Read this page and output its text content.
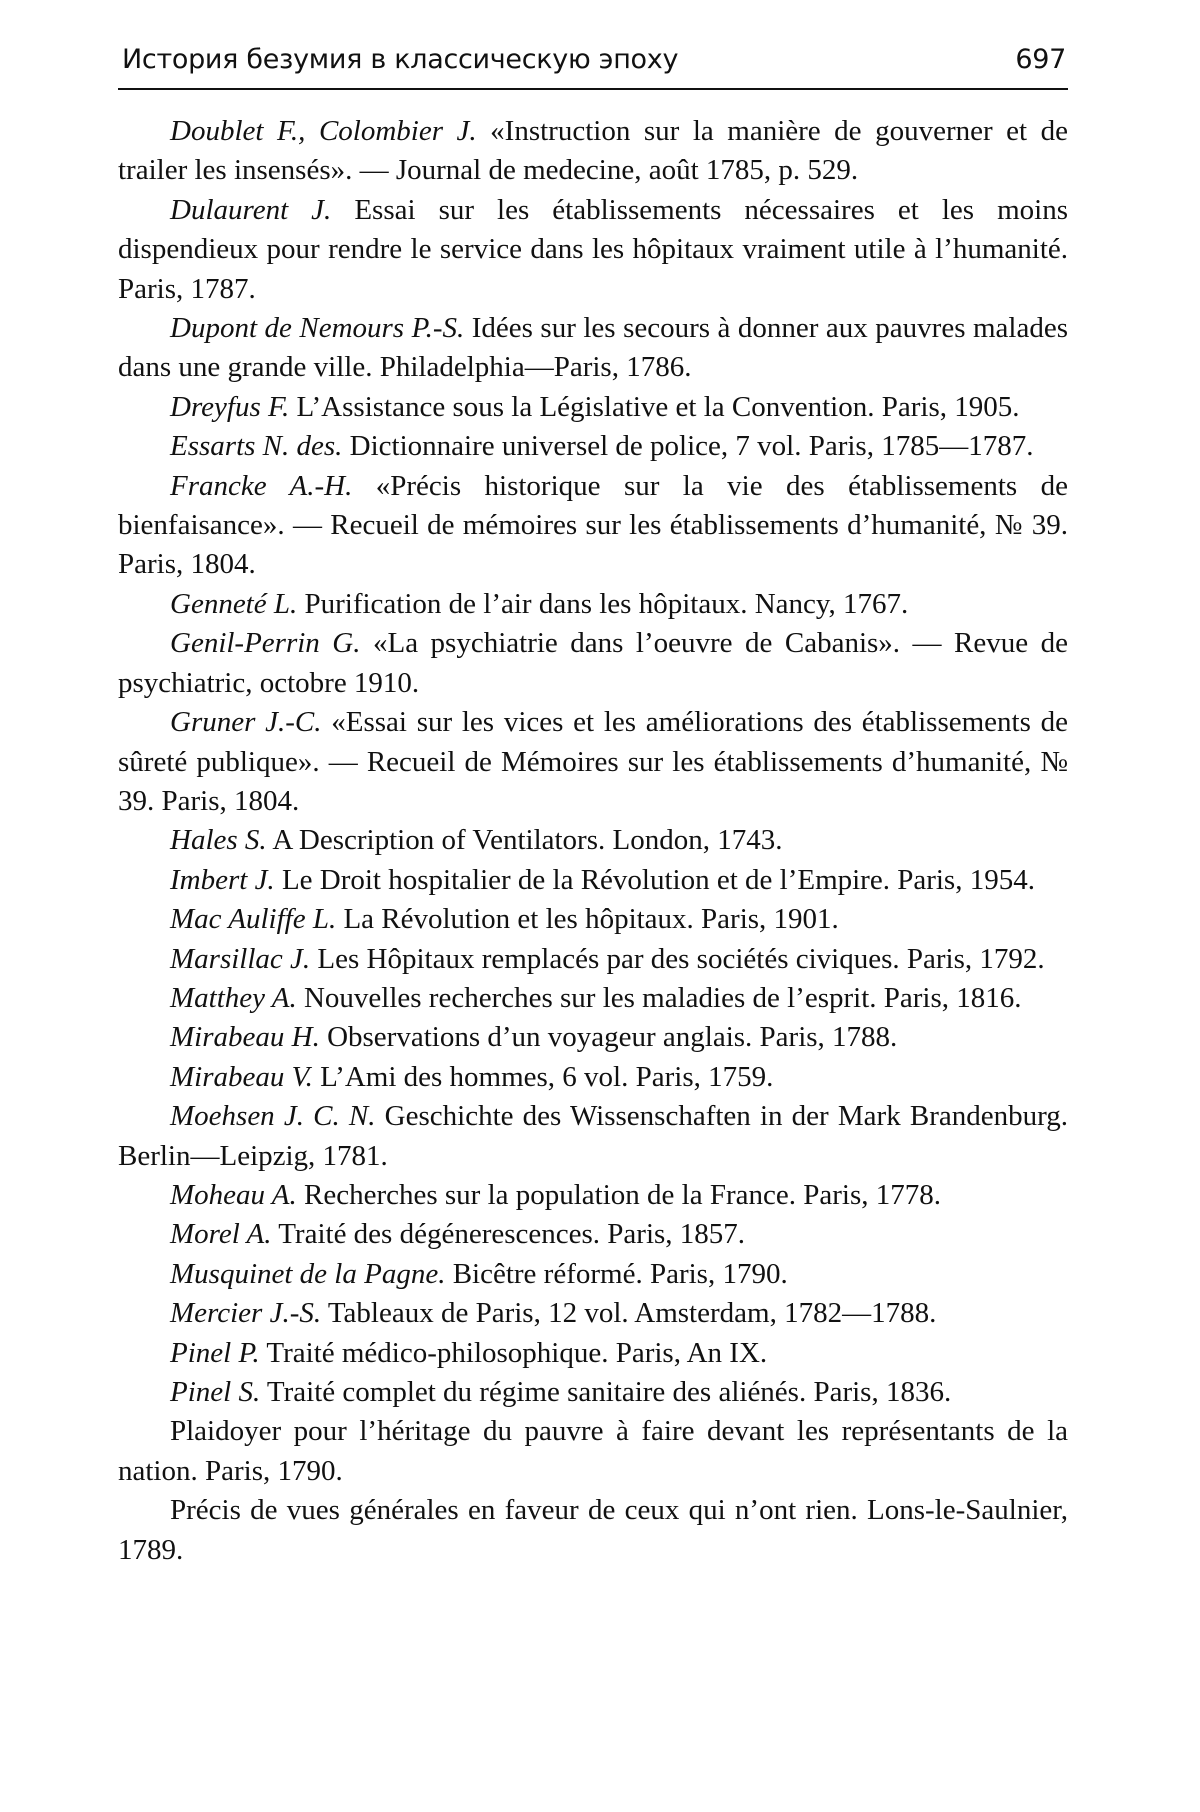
История безумия в классическую эпоху	697

Doublet F., Colombier J. «Instruction sur la manière de gouverner et de trailer les insensés». — Journal de medecine, août 1785, p. 529.

Dulaurent J. Essai sur les établissements nécessaires et les moins dispendieux pour rendre le service dans les hôpitaux vraiment utile à l’humanité. Paris, 1787.

Dupont de Nemours P.-S. Idées sur les secours à donner aux pauvres malades dans une grande ville. Philadelphia—Paris, 1786.

Dreyfus F. L’Assistance sous la Législative et la Convention. Paris, 1905.

Essarts N. des. Dictionnaire universel de police, 7 vol. Paris, 1785—1787.

Francke A.-H. «Précis historique sur la vie des établissements de bienfaisance». — Recueil de mémoires sur les établissements d’humanité, № 39. Paris, 1804.

Genneté L. Purification de l’air dans les hôpitaux. Nancy, 1767.

Genil-Perrin G. «La psychiatrie dans l’oeuvre de Cabanis». — Revue de psychiatric, octobre 1910.

Gruner J.-C. «Essai sur les vices et les améliorations des établissements de sûreté publique». — Recueil de Mémoires sur les établissements d’humanité, № 39. Paris, 1804.

Hales S. A Description of Ventilators. London, 1743.

Imbert J. Le Droit hospitalier de la Révolution et de l’Empire. Paris, 1954.

Mac Auliffe L. La Révolution et les hôpitaux. Paris, 1901.

Marsillac J. Les Hôpitaux remplacés par des sociétés civiques. Paris, 1792.

Matthey A. Nouvelles recherches sur les maladies de l’esprit. Paris, 1816.

Mirabeau H. Observations d’un voyageur anglais. Paris, 1788.

Mirabeau V. L’Ami des hommes, 6 vol. Paris, 1759.

Moehsen J. C. N. Geschichte des Wissenschaften in der Mark Brandenburg. Berlin—Leipzig, 1781.

Moheau A. Recherches sur la population de la France. Paris, 1778.

Morel A. Traité des dégénerescences. Paris, 1857.

Musquinet de la Pagne. Bicêtre réformé. Paris, 1790.

Mercier J.-S. Tableaux de Paris, 12 vol. Amsterdam, 1782—1788.

Pinel P. Traité médico-philosophique. Paris, An IX.

Pinel S. Traité complet du régime sanitaire des aliénés. Paris, 1836.

Plaidoyer pour l’héritage du pauvre à faire devant les représentants de la nation. Paris, 1790.

Précis de vues générales en faveur de ceux qui n’ont rien. Lons-le-Saulnier, 1789.
